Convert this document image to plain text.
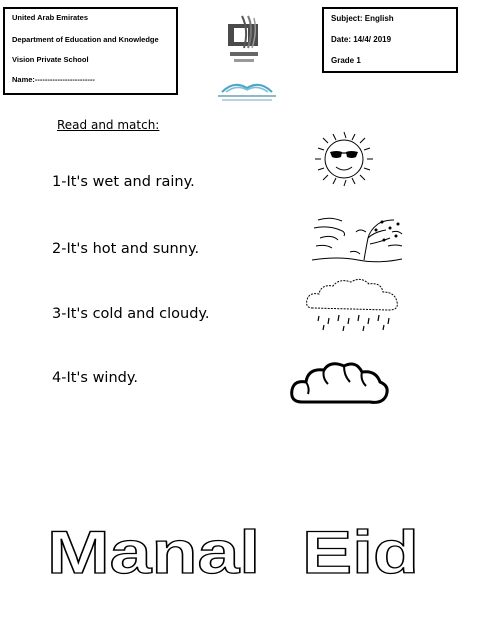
United Arab Emirates
Department of Education and Knowledge
Vision Private School
Name:------------------------
Subject: English
Date: 14/4/ 2019
Grade 1
Read and match:
1-It's wet and rainy.
2-It's hot and sunny.
3-It's cold and cloudy.
4-It's windy.
Manal  Eid
